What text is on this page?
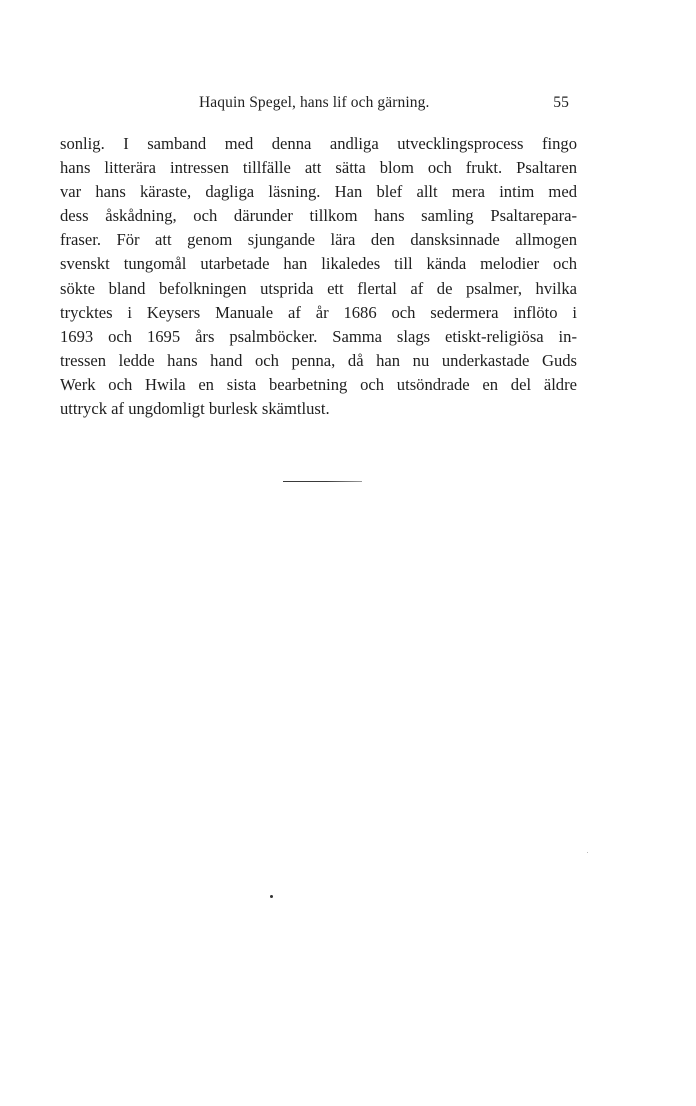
Haquin Spegel, hans lif och gärning.	55
sonlig. I samband med denna andliga utvecklingsprocess fingo
hans litterära intressen tillfälle att sätta blom och frukt. Psaltaren
var hans käraste, dagliga läsning. Han blef allt mera intim med
dess åskådning, och därunder tillkom hans samling Psaltarepara-
fraser. För att genom sjungande lära den dansksinnade allmogen
svenskt tungomål utarbetade han likaledes till kända melodier och
sökte bland befolkningen utsprida ett flertal af de psalmer, hvilka
trycktes i Keysers Manuale af år 1686 och sedermera inflöto i
1693 och 1695 års psalmböcker. Samma slags etiskt-religiösa in-
tressen ledde hans hand och penna, då han nu underkastade Guds
Werk och Hwila en sista bearbetning och utsöndrade en del äldre
uttryck af ungdomligt burlesk skämtlust.
